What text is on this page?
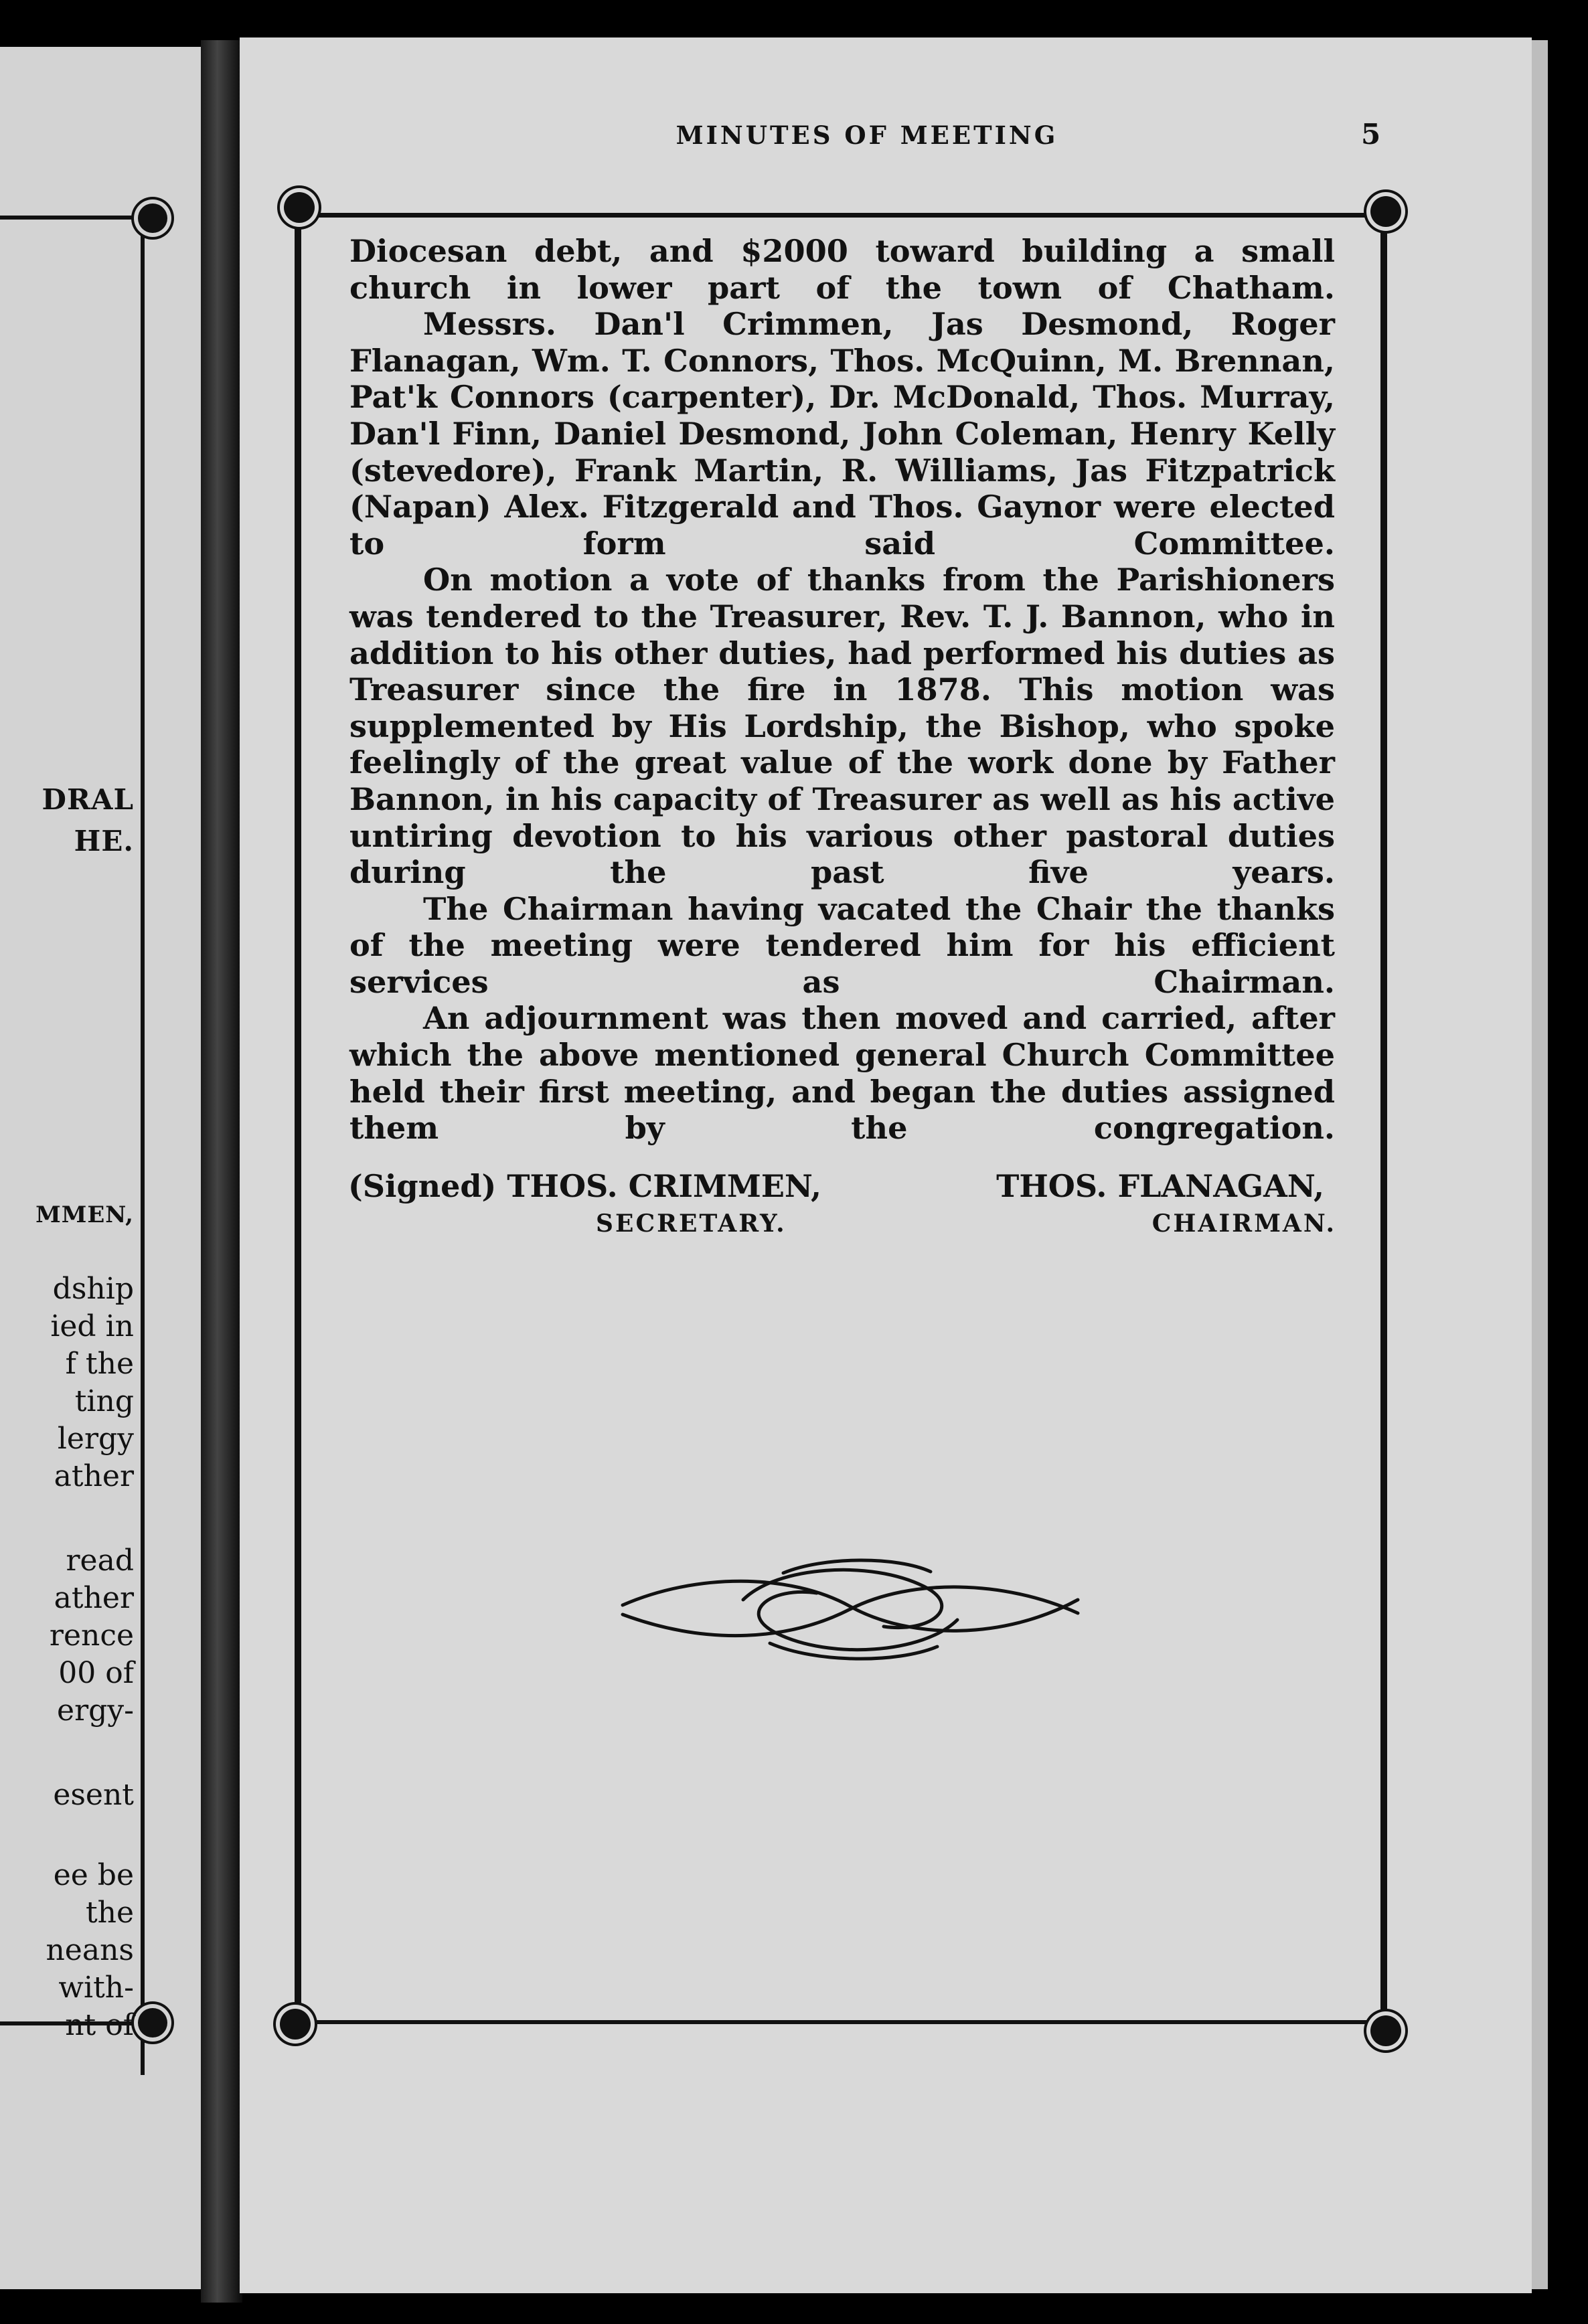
DRAL
HE.
MMEN,
dship
ied in
f the
ting
lergy
ather
read
ather
rence
00 of
ergy-
esent
ee be
the
neans
with-
nt of
MINUTES OF MEETING	5

Diocesan debt, and $2000 toward building a small church in lower part of the town of Chatham.

Messrs. Dan'l Crimmen, Jas Desmond, Roger Flanagan, Wm. T. Connors, Thos. McQuinn, M. Brennan, Pat'k Connors (carpenter), Dr. McDonald, Thos. Murray, Dan'l Finn, Daniel Desmond, John Coleman, Henry Kelly (stevedore), Frank Martin, R. Williams, Jas Fitzpatrick (Napan) Alex. Fitzgerald and Thos. Gaynor were elected to form said Committee.

On motion a vote of thanks from the Parishioners was tendered to the Treasurer, Rev. T. J. Bannon, who in addition to his other duties, had performed his duties as Treasurer since the fire in 1878. This motion was supplemented by His Lordship, the Bishop, who spoke feelingly of the great value of the work done by Father Bannon, in his capacity of Treasurer as well as his active untiring devotion to his various other pastoral duties during the past five years.

The Chairman having vacated the Chair the thanks of the meeting were tendered him for his efficient services as Chairman.

An adjournment was then moved and carried, after which the above mentioned general Church Committee held their first meeting, and began the duties assigned them by the congregation.

(Signed) THOS. CRIMMEN,	THOS. FLANAGAN,
SECRETARY.	CHAIRMAN.
